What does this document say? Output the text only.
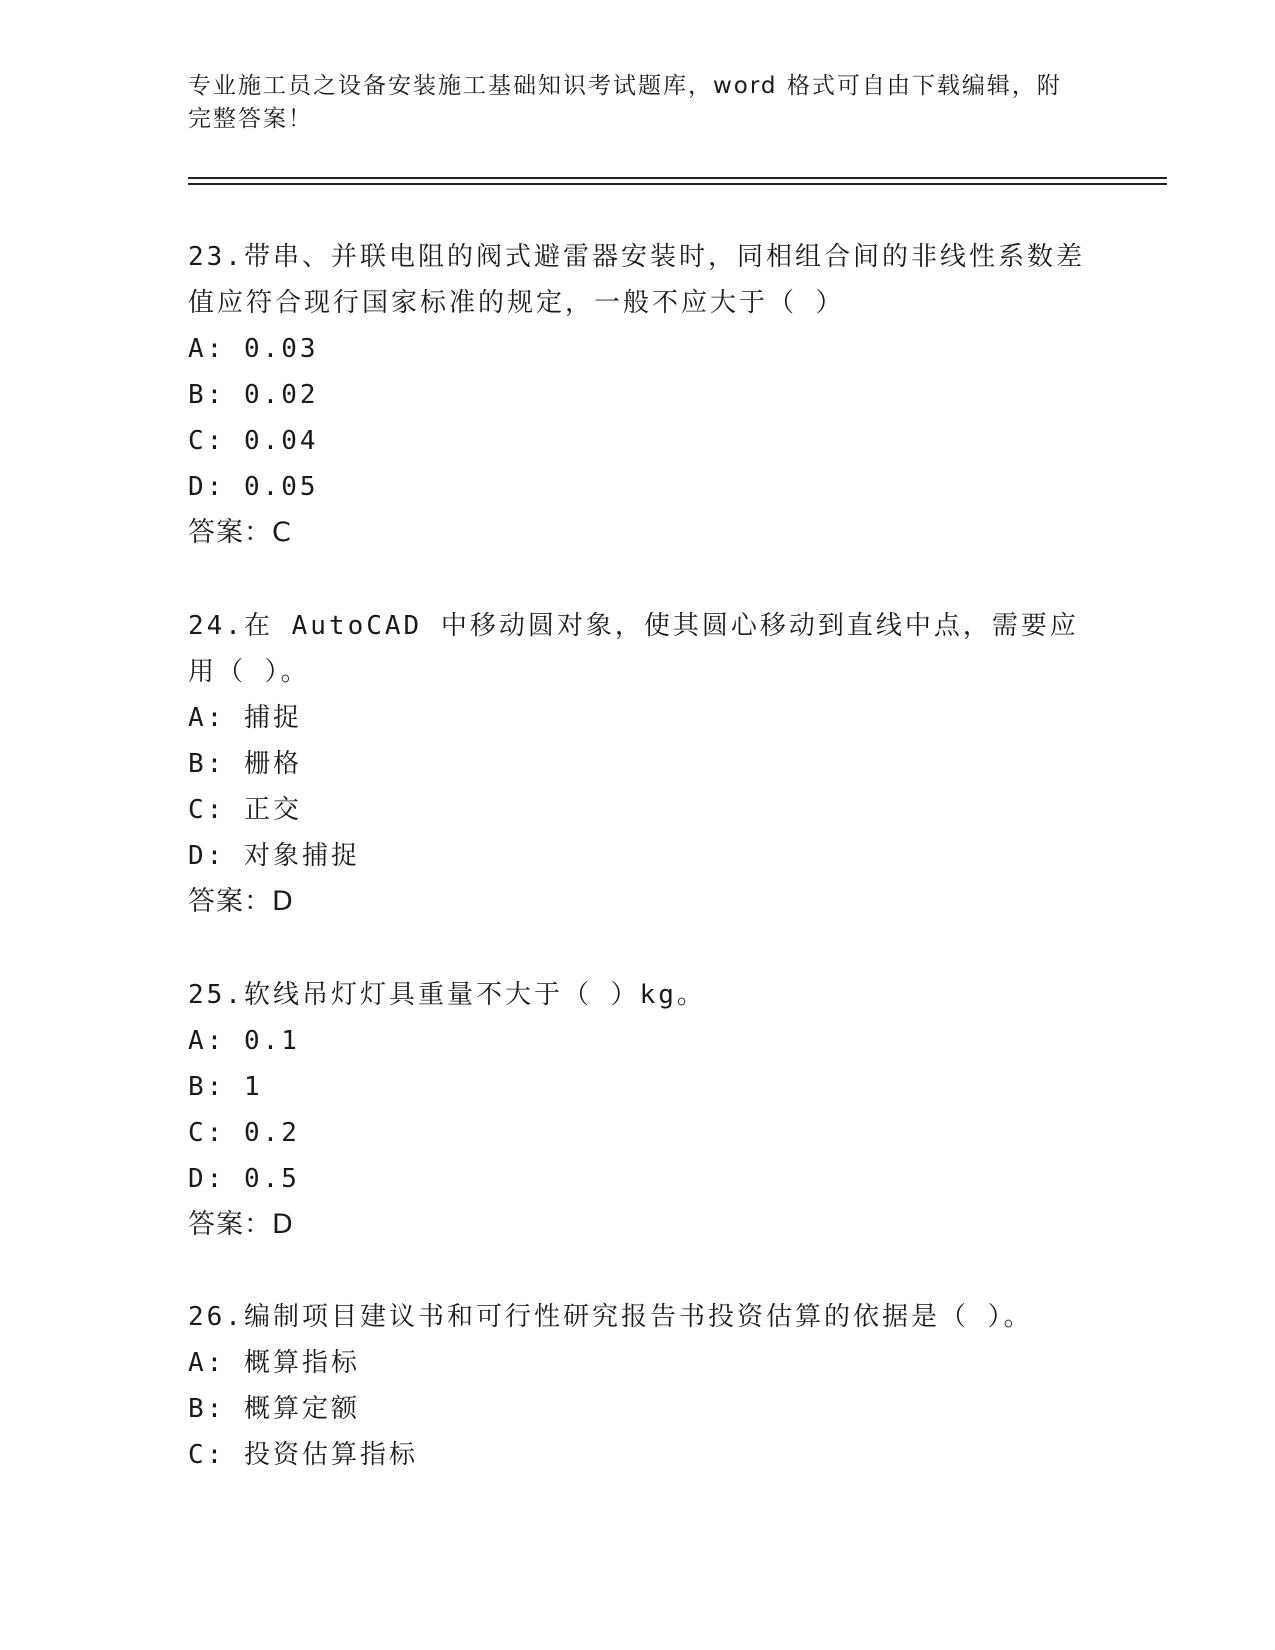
专业施工员之设备安装施工基础知识考试题库，word 格式可自由下载编辑，附完整答案！

23.带串、并联电阻的阀式避雷器安装时，同相组合间的非线性系数差值应符合现行国家标准的规定，一般不应大于（ ）

A: 0.03

B: 0.02

C: 0.04

D: 0.05

答案：C

24.在 AutoCAD 中移动圆对象，使其圆心移动到直线中点，需要应用（ ）。

A: 捕捉

B: 栅格

C: 正交

D: 对象捕捉

答案：D

25.软线吊灯灯具重量不大于（ ）kg。

A: 0.1

B: 1

C: 0.2

D: 0.5

答案：D

26.编制项目建议书和可行性研究报告书投资估算的依据是（ ）。

A: 概算指标

B: 概算定额

C: 投资估算指标
